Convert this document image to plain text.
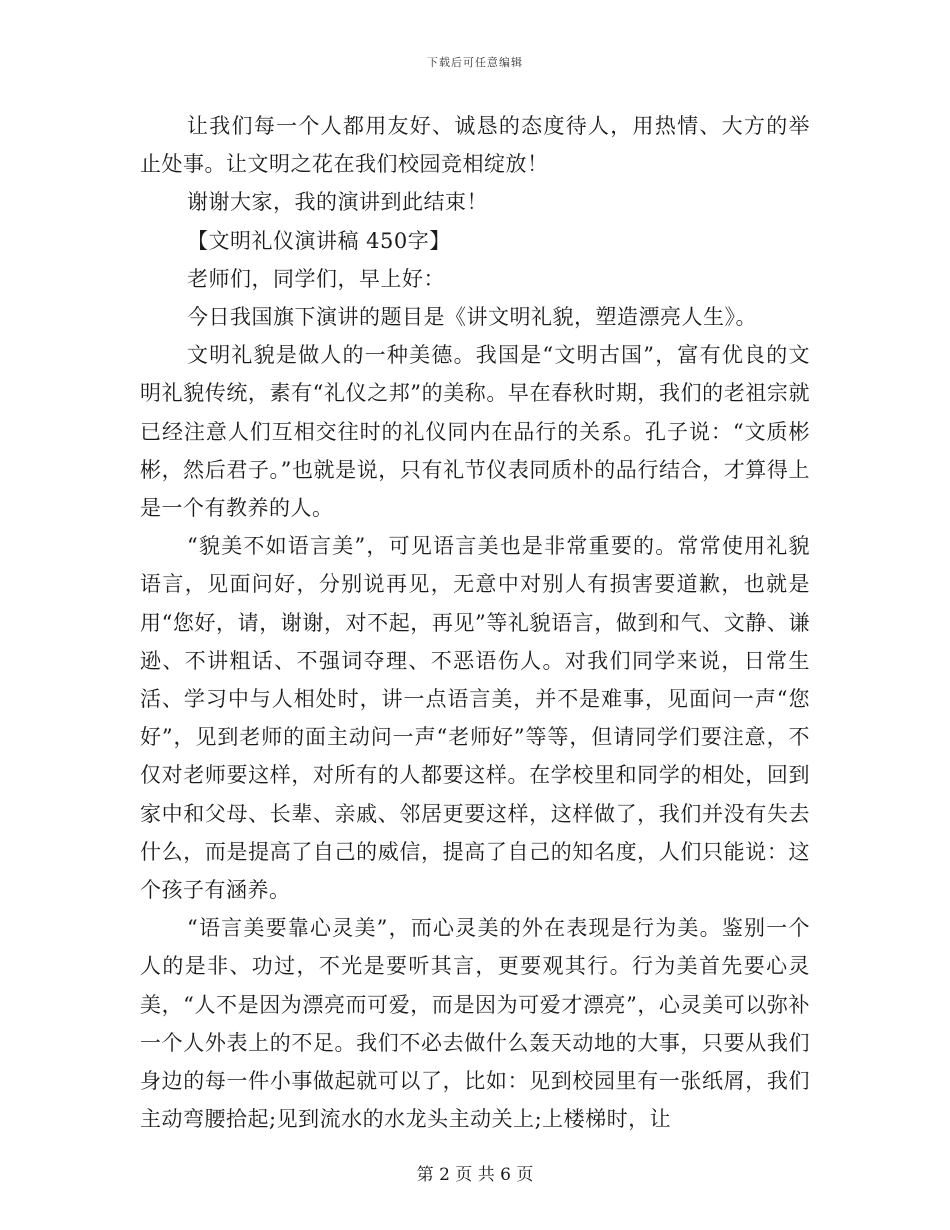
下载后可任意编辑

让我们每一个人都用友好、诚恳的态度待人，用热情、大方的举止处事。让文明之花在我们校园竞相绽放！

谢谢大家，我的演讲到此结束！

【文明礼仪演讲稿 450字】

老师们，同学们，早上好：

今日我国旗下演讲的题目是《讲文明礼貌，塑造漂亮人生》。

文明礼貌是做人的一种美德。我国是“文明古国”，富有优良的文明礼貌传统，素有“礼仪之邦”的美称。早在春秋时期，我们的老祖宗就已经注意人们互相交往时的礼仪同内在品行的关系。孔子说：“文质彬彬，然后君子。”也就是说，只有礼节仪表同质朴的品行结合，才算得上是一个有教养的人。

“貌美不如语言美”，可见语言美也是非常重要的。常常使用礼貌语言，见面问好，分别说再见，无意中对别人有损害要道歉，也就是用“您好，请，谢谢，对不起，再见”等礼貌语言，做到和气、文静、谦逊、不讲粗话、不强词夺理、不恶语伤人。对我们同学来说，日常生活、学习中与人相处时，讲一点语言美，并不是难事，见面问一声“您好”，见到老师的面主动问一声“老师好”等等，但请同学们要注意，不仅对老师要这样，对所有的人都要这样。在学校里和同学的相处，回到家中和父母、长辈、亲戚、邻居更要这样，这样做了，我们并没有失去什么，而是提高了自己的威信，提高了自己的知名度，人们只能说：这个孩子有涵养。

“语言美要靠心灵美”，而心灵美的外在表现是行为美。鉴别一个人的是非、功过，不光是要听其言，更要观其行。行为美首先要心灵美，“人不是因为漂亮而可爱，而是因为可爱才漂亮”，心灵美可以弥补一个人外表上的不足。我们不必去做什么轰天动地的大事，只要从我们身边的每一件小事做起就可以了，比如：见到校园里有一张纸屑，我们主动弯腰拾起;见到流水的水龙头主动关上;上楼梯时，让

第 2 页 共 6 页
